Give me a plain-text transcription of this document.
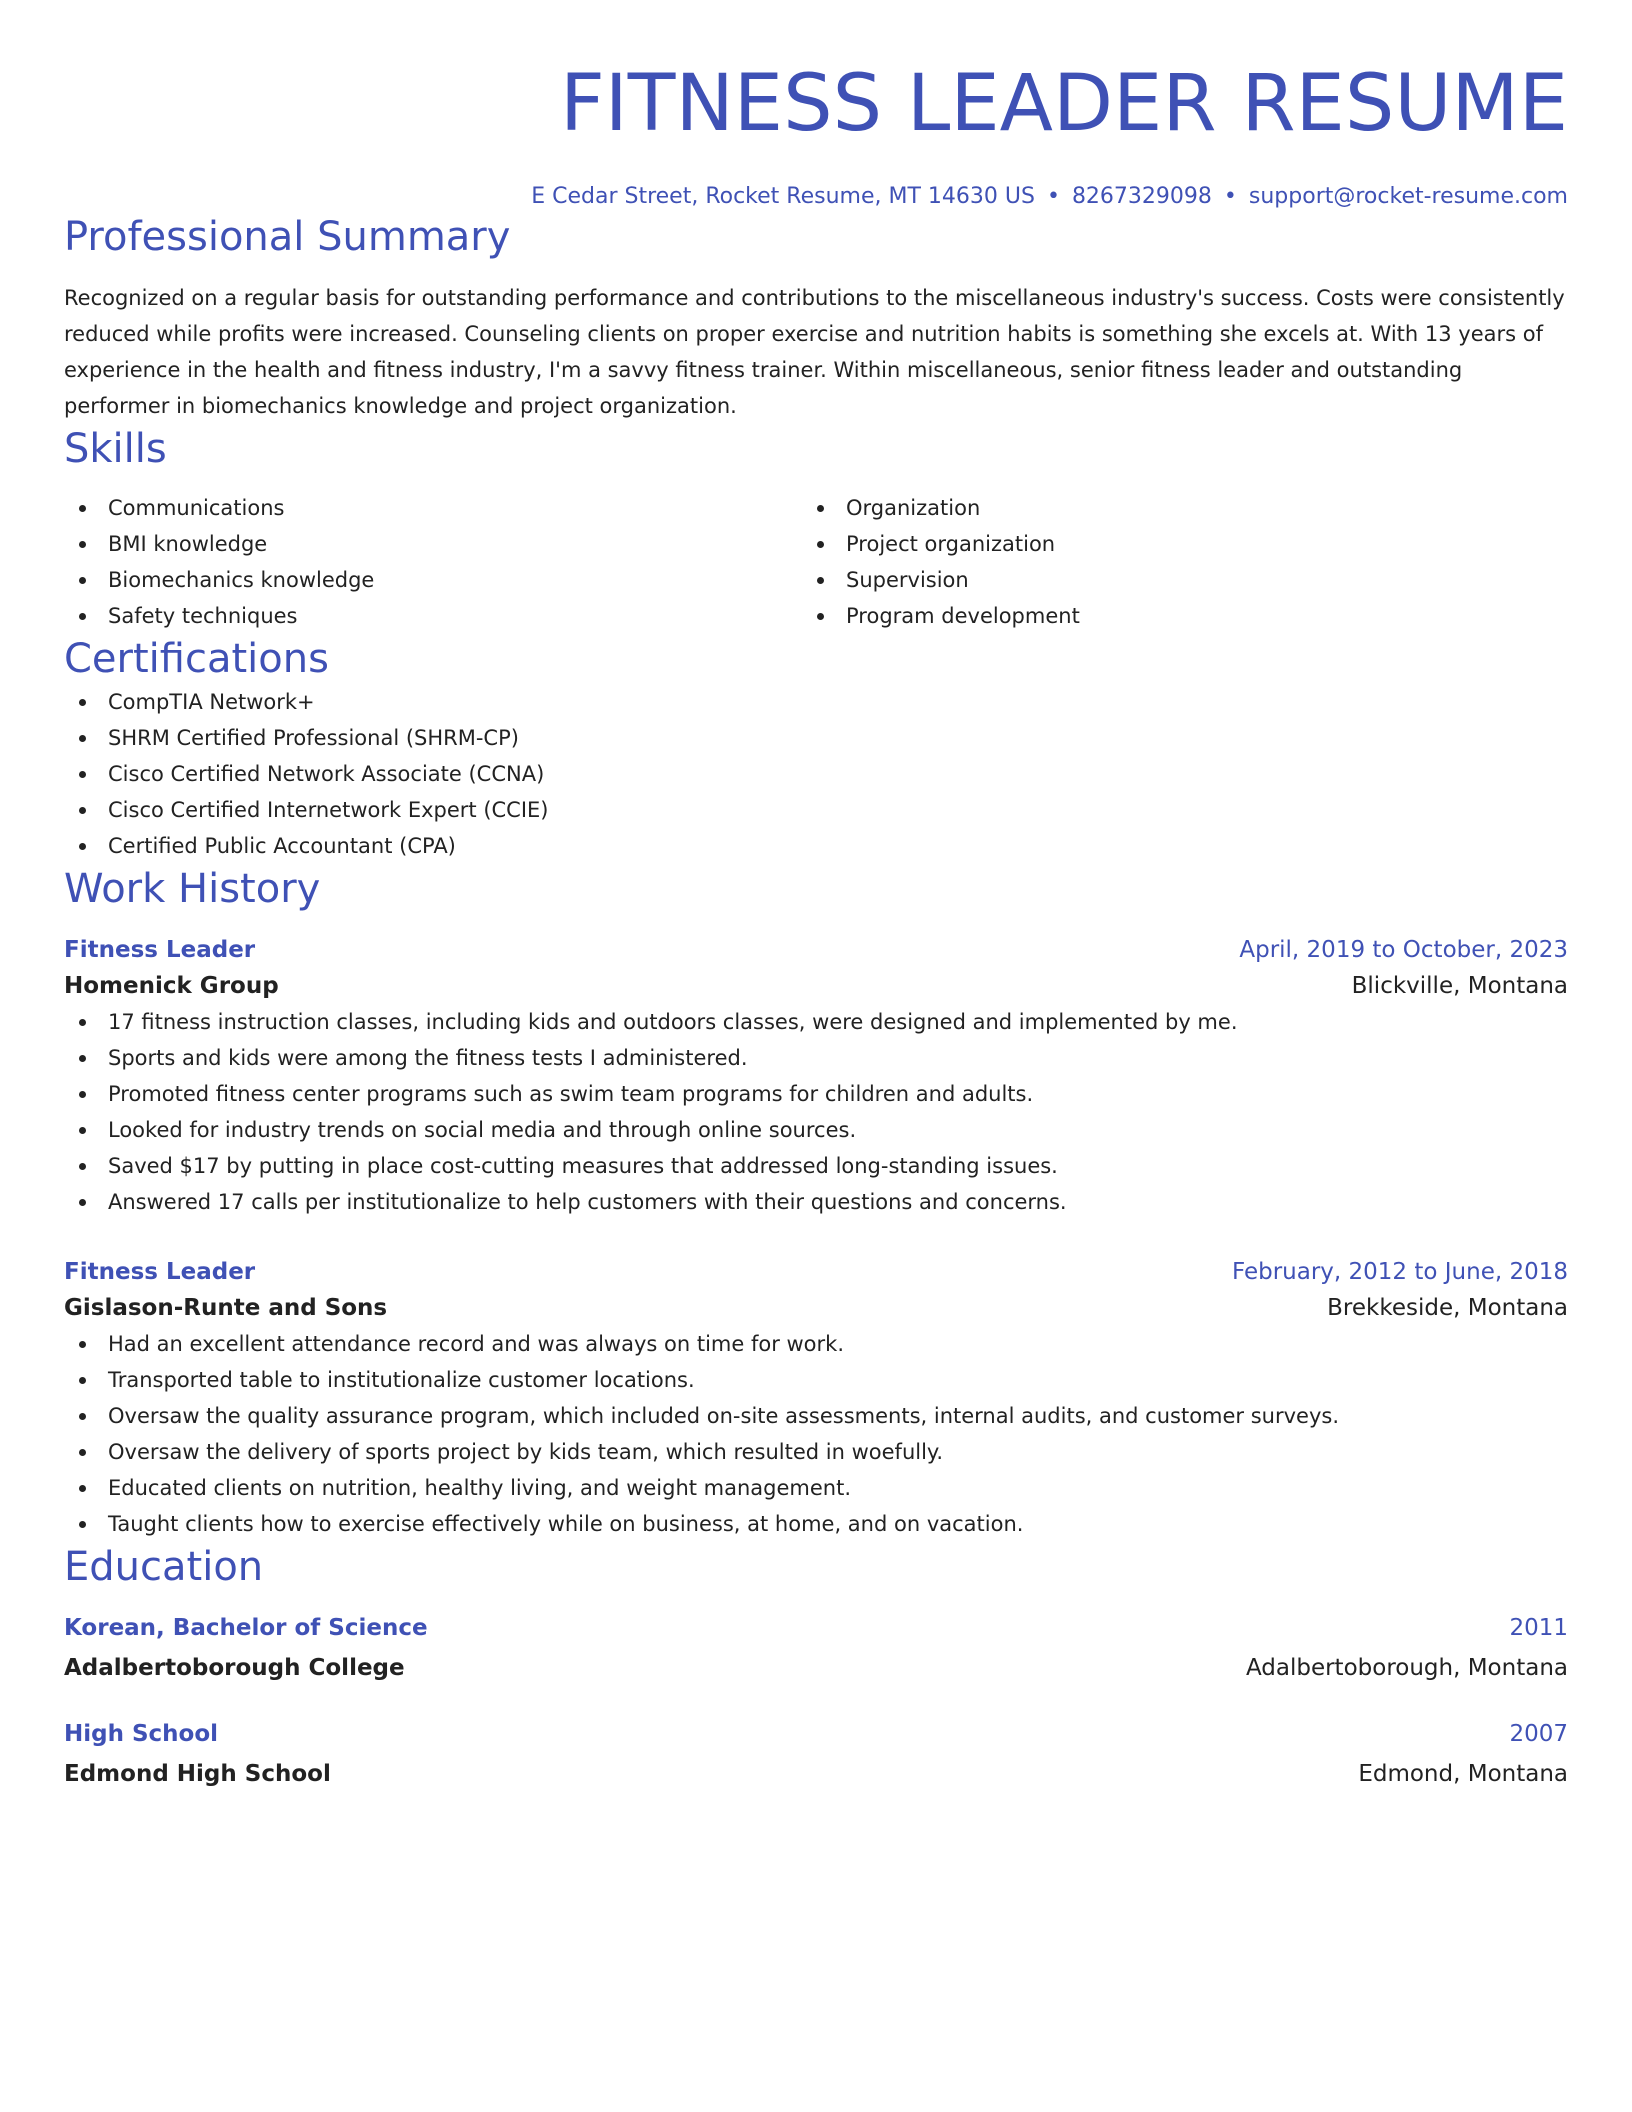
FITNESS LEADER RESUME
E Cedar Street, Rocket Resume, MT 14630 US • 8267329098 • support@rocket-resume.com
Professional Summary
Recognized on a regular basis for outstanding performance and contributions to the miscellaneous industry's success. Costs were consistently reduced while profits were increased. Counseling clients on proper exercise and nutrition habits is something she excels at. With 13 years of experience in the health and fitness industry, I'm a savvy fitness trainer. Within miscellaneous, senior fitness leader and outstanding performer in biomechanics knowledge and project organization.
Skills
Communications
BMI knowledge
Biomechanics knowledge
Safety techniques
Organization
Project organization
Supervision
Program development
Certifications
CompTIA Network+
SHRM Certified Professional (SHRM-CP)
Cisco Certified Network Associate (CCNA)
Cisco Certified Internetwork Expert (CCIE)
Certified Public Accountant (CPA)
Work History
Fitness Leader	April, 2019 to October, 2023
Homenick Group	Blickville, Montana
17 fitness instruction classes, including kids and outdoors classes, were designed and implemented by me.
Sports and kids were among the fitness tests I administered.
Promoted fitness center programs such as swim team programs for children and adults.
Looked for industry trends on social media and through online sources.
Saved $17 by putting in place cost-cutting measures that addressed long-standing issues.
Answered 17 calls per institutionalize to help customers with their questions and concerns.
Fitness Leader	February, 2012 to June, 2018
Gislason-Runte and Sons	Brekkeside, Montana
Had an excellent attendance record and was always on time for work.
Transported table to institutionalize customer locations.
Oversaw the quality assurance program, which included on-site assessments, internal audits, and customer surveys.
Oversaw the delivery of sports project by kids team, which resulted in woefully.
Educated clients on nutrition, healthy living, and weight management.
Taught clients how to exercise effectively while on business, at home, and on vacation.
Education
Korean, Bachelor of Science	2011
Adalbertoborough College	Adalbertoborough, Montana
High School	2007
Edmond High School	Edmond, Montana
